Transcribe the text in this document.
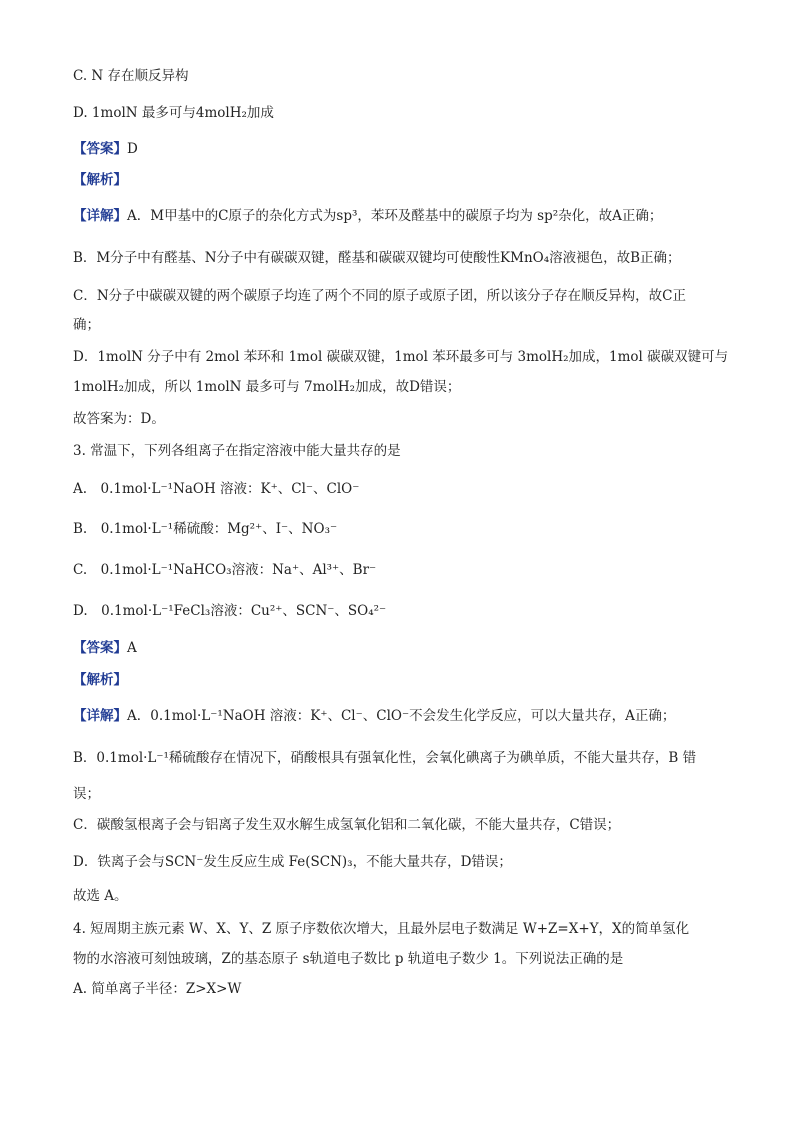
C. N 存在顺反异构
D. 1molN 最多可与4molH₂加成
【答案】D
【解析】
【详解】A．M甲基中的C原子的杂化方式为sp³，苯环及醛基中的碳原子均为 sp²杂化，故A正确；
B．M分子中有醛基、N分子中有碳碳双键，醛基和碳碳双键均可使酸性KMnO₄溶液褪色，故B正确；
C．N分子中碳碳双键的两个碳原子均连了两个不同的原子或原子团，所以该分子存在顺反异构，故C正
确；
D．1molN 分子中有 2mol 苯环和 1mol 碳碳双键，1mol 苯环最多可与 3molH₂加成，1mol 碳碳双键可与
1molH₂加成，所以 1molN 最多可与 7molH₂加成，故D错误；
故答案为：D。
3. 常温下，下列各组离子在指定溶液中能大量共存的是
A.　0.1mol·L⁻¹NaOH 溶液：K⁺、Cl⁻、ClO⁻
B.　0.1mol·L⁻¹稀硫酸：Mg²⁺、I⁻、NO₃⁻
C.　0.1mol·L⁻¹NaHCO₃溶液：Na⁺、Al³⁺、Br⁻
D.　0.1mol·L⁻¹FeCl₃溶液：Cu²⁺、SCN⁻、SO₄²⁻
【答案】A
【解析】
【详解】A．0.1mol·L⁻¹NaOH 溶液：K⁺、Cl⁻、ClO⁻不会发生化学反应，可以大量共存，A正确；
B．0.1mol·L⁻¹稀硫酸存在情况下，硝酸根具有强氧化性，会氧化碘离子为碘单质，不能大量共存，B 错
误；
C．碳酸氢根离子会与铝离子发生双水解生成氢氧化铝和二氧化碳，不能大量共存，C错误；
D．铁离子会与SCN⁻发生反应生成 Fe(SCN)₃，不能大量共存，D错误；
故选 A。
4. 短周期主族元素 W、X、Y、Z 原子序数依次增大，且最外层电子数满足 W+Z=X+Y，X的简单氢化
物的水溶液可刻蚀玻璃，Z的基态原子 s轨道电子数比 p 轨道电子数少 1。下列说法正确的是
A. 简单离子半径：Z>X>W
